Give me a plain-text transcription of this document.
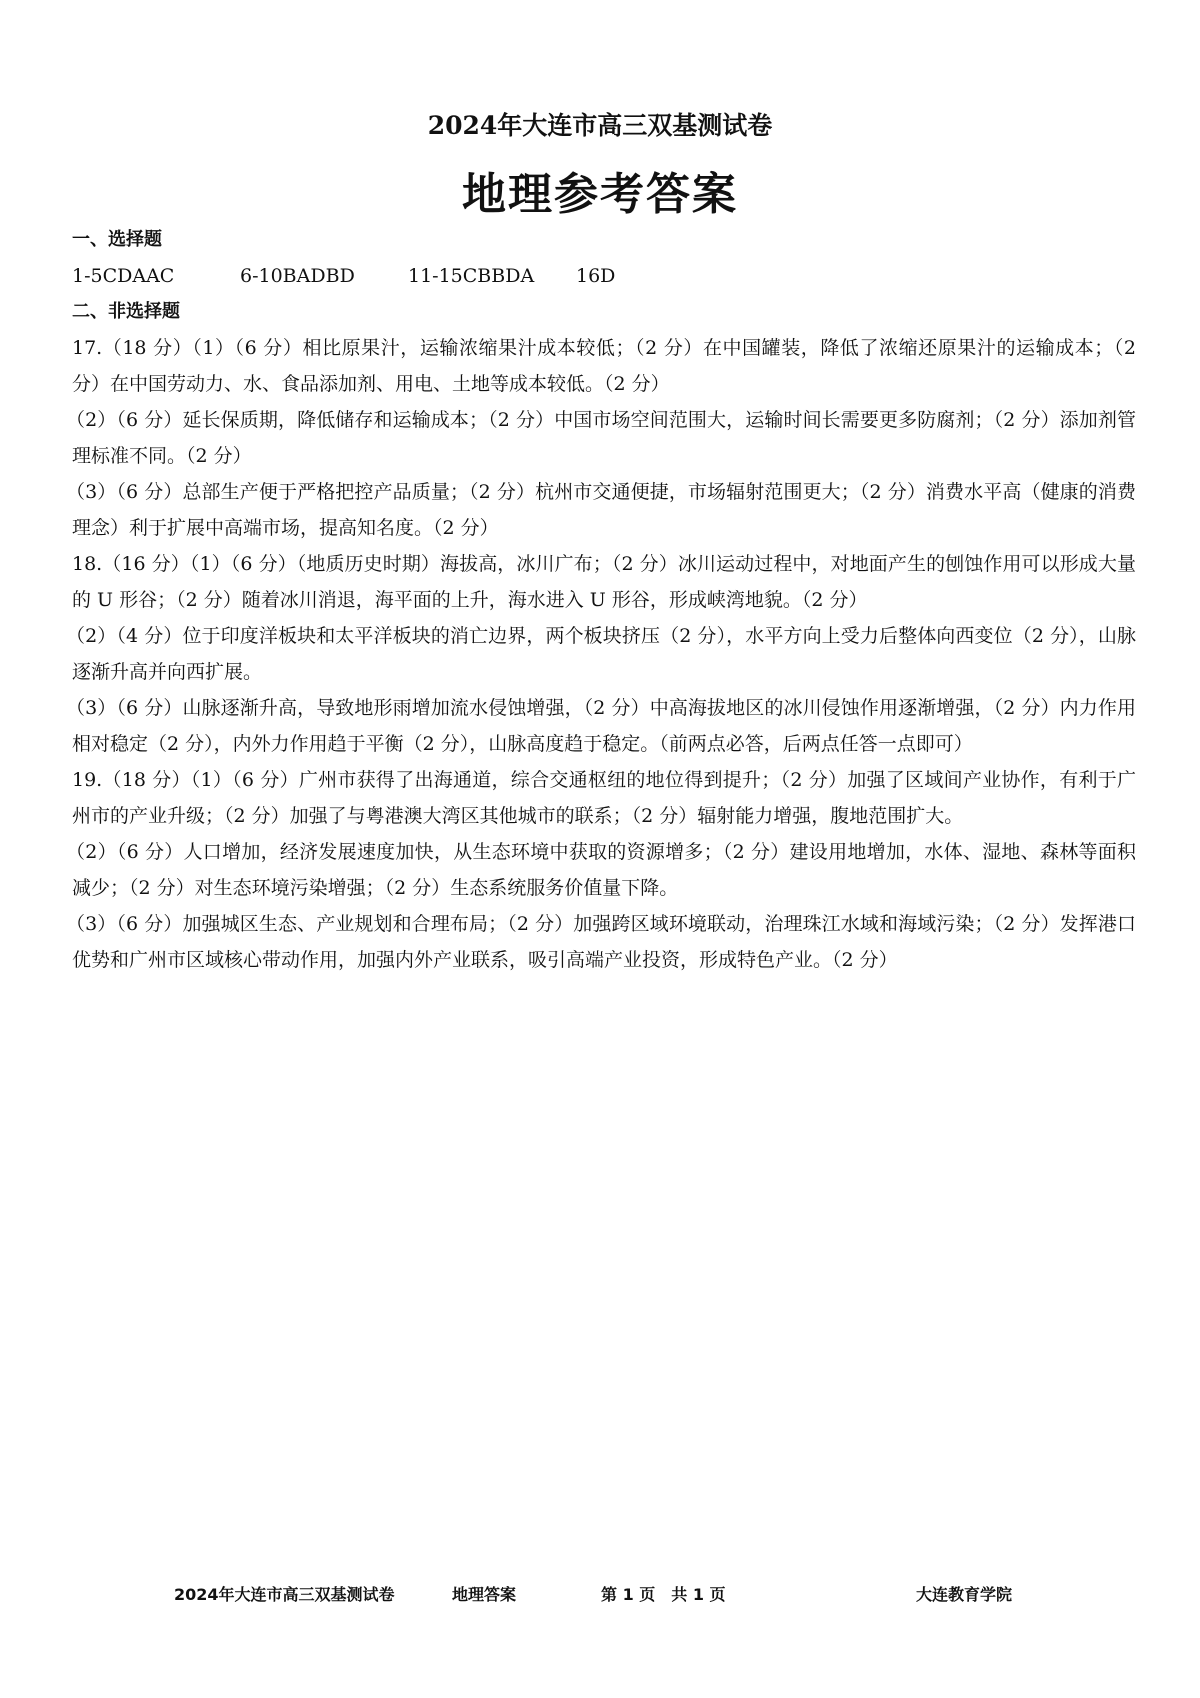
2024年大连市高三双基测试卷
地理参考答案
一、选择题
1-5CDAAC	6-10BADBD	11-15CBBDA	16D
二、非选择题

17.（18 分）（1）（6 分）相比原果汁，运输浓缩果汁成本较低；（2 分）在中国罐装，降低了浓缩还原果汁的运输成本；（2 分）在中国劳动力、水、食品添加剂、用电、土地等成本较低。（2 分）

（2）（6 分）延长保质期，降低储存和运输成本；（2 分）中国市场空间范围大，运输时间长需要更多防腐剂；（2 分）添加剂管理标准不同。（2 分）

（3）（6 分）总部生产便于严格把控产品质量；（2 分）杭州市交通便捷，市场辐射范围更大；（2 分）消费水平高（健康的消费理念）利于扩展中高端市场，提高知名度。（2 分）

18.（16 分）（1）（6 分）（地质历史时期）海拔高，冰川广布；（2 分）冰川运动过程中，对地面产生的刨蚀作用可以形成大量的 U 形谷；（2 分）随着冰川消退，海平面的上升，海水进入 U 形谷，形成峡湾地貌。（2 分）

（2）（4 分）位于印度洋板块和太平洋板块的消亡边界，两个板块挤压（2 分），水平方向上受力后整体向西变位（2 分），山脉逐渐升高并向西扩展。

（3）（6 分）山脉逐渐升高，导致地形雨增加流水侵蚀增强，（2 分）中高海拔地区的冰川侵蚀作用逐渐增强，（2 分）内力作用相对稳定（2 分），内外力作用趋于平衡（2 分），山脉高度趋于稳定。（前两点必答，后两点任答一点即可）

19.（18 分）（1）（6 分）广州市获得了出海通道，综合交通枢纽的地位得到提升；（2 分）加强了区域间产业协作，有利于广州市的产业升级；（2 分）加强了与粤港澳大湾区其他城市的联系；（2 分）辐射能力增强，腹地范围扩大。

（2）（6 分）人口增加，经济发展速度加快，从生态环境中获取的资源增多；（2 分）建设用地增加，水体、湿地、森林等面积减少；（2 分）对生态环境污染增强；（2 分）生态系统服务价值量下降。

（3）（6 分）加强城区生态、产业规划和合理布局；（2 分）加强跨区域环境联动，治理珠江水域和海域污染；（2 分）发挥港口优势和广州市区域核心带动作用，加强内外产业联系，吸引高端产业投资，形成特色产业。（2 分）

2024年大连市高三双基测试卷	地理答案	第 1 页　共 1 页	大连教育学院
